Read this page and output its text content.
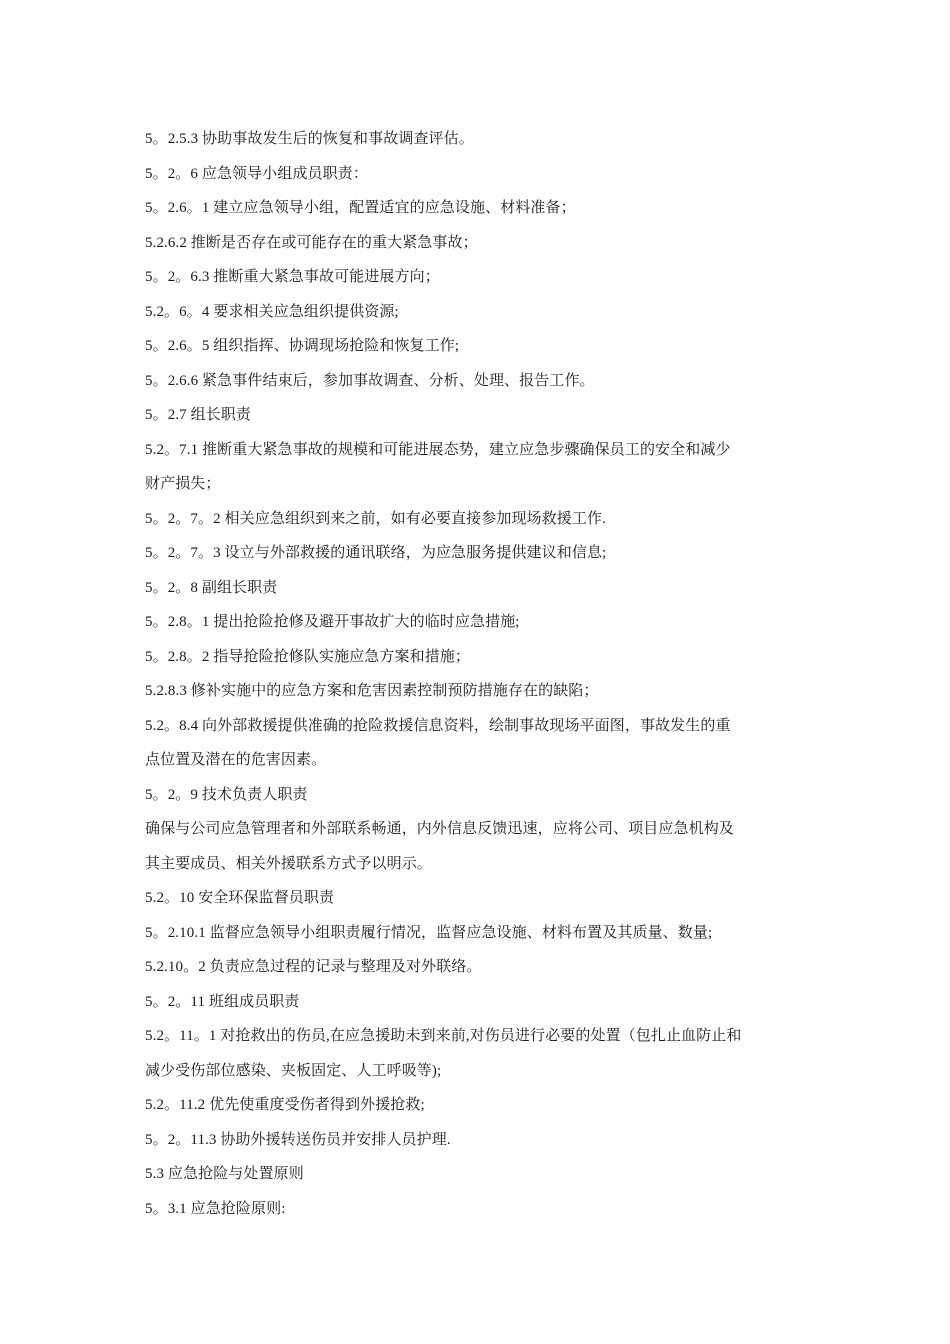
5。2.5.3 协助事故发生后的恢复和事故调查评估。
5。2。6 应急领导小组成员职责：
5。2.6。1 建立应急领导小组，配置适宜的应急设施、材料准备；
5.2.6.2 推断是否存在或可能存在的重大紧急事故；
5。2。6.3 推断重大紧急事故可能进展方向；
5.2。6。4 要求相关应急组织提供资源;
5。2.6。5 组织指挥、协调现场抢险和恢复工作;
5。2.6.6 紧急事件结束后，参加事故调查、分析、处理、报告工作。
5。2.7 组长职责
5.2。7.1 推断重大紧急事故的规模和可能进展态势，建立应急步骤确保员工的安全和减少
财产损失；
5。2。7。2 相关应急组织到来之前，如有必要直接参加现场救援工作.
5。2。7。3 设立与外部救援的通讯联络，为应急服务提供建议和信息;
5。2。8 副组长职责
5。2.8。1 提出抢险抢修及避开事故扩大的临时应急措施;
5。2.8。2 指导抢险抢修队实施应急方案和措施；
5.2.8.3 修补实施中的应急方案和危害因素控制预防措施存在的缺陷；
5.2。8.4 向外部救援提供准确的抢险救援信息资料，绘制事故现场平面图，事故发生的重
点位置及潜在的危害因素。
5。2。9 技术负责人职责
确保与公司应急管理者和外部联系畅通，内外信息反馈迅速，应将公司、项目应急机构及
其主要成员、相关外援联系方式予以明示。
5.2。10 安全环保监督员职责
5。2.10.1 监督应急领导小组职责履行情况，监督应急设施、材料布置及其质量、数量;
5.2.10。2 负责应急过程的记录与整理及对外联络。
5。2。11 班组成员职责
5.2。11。1 对抢救出的伤员,在应急援助未到来前,对伤员进行必要的处置（包扎止血防止和
减少受伤部位感染、夹板固定、人工呼吸等);
5.2。11.2 优先使重度受伤者得到外援抢救;
5。2。11.3 协助外援转送伤员并安排人员护理.
5.3 应急抢险与处置原则
5。3.1 应急抢险原则:
